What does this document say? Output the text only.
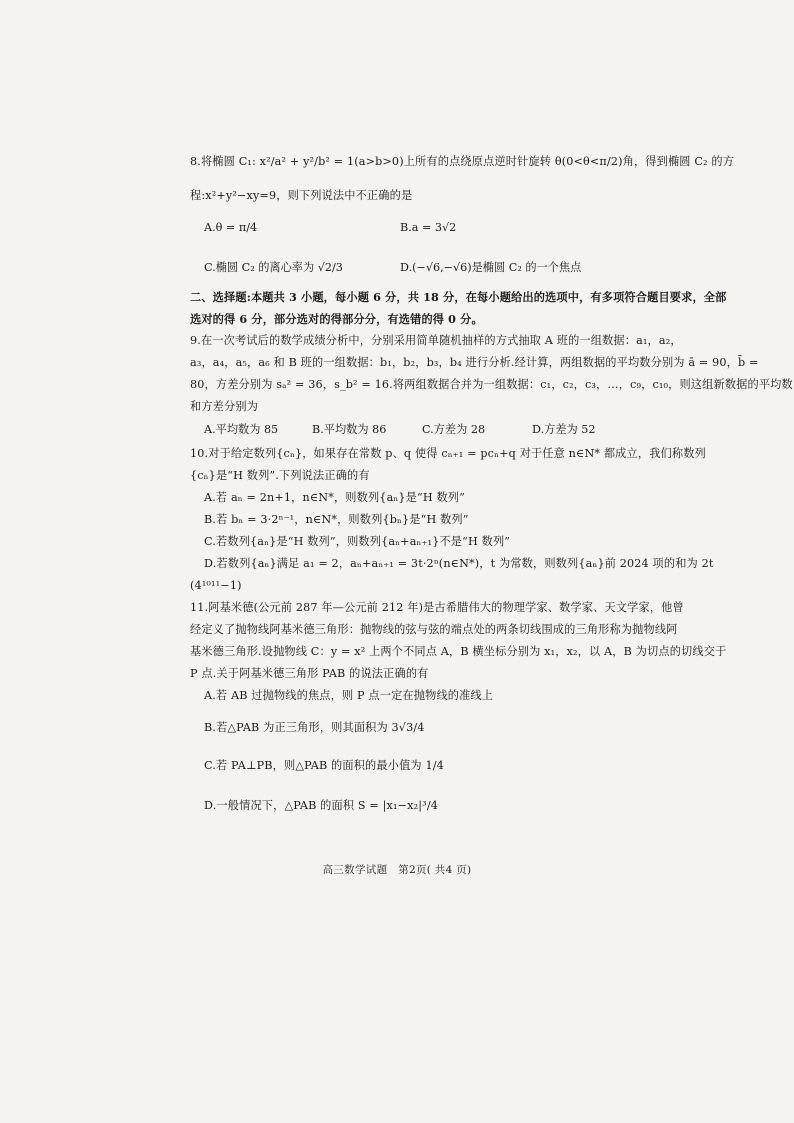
8.将椭圆 C₁: x²/a² + y²/b² = 1(a>b>0)上所有的点绕原点逆时针旋转 θ(0<θ<π/2)角，得到椭圆 C₂ 的方
程:x²+y²−xy=9，则下列说法中不正确的是
A.θ = π/4	B.a = 3√2
C.椭圆 C₂ 的离心率为 √2/3	D.(−√6,−√6)是椭圆 C₂ 的一个焦点
二、选择题:本题共 3 小题，每小题 6 分，共 18 分，在每小题给出的选项中，有多项符合题目要求，全部
选对的得 6 分，部分选对的得部分分，有选错的得 0 分。
9.在一次考试后的数学成绩分析中，分别采用简单随机抽样的方式抽取 A 班的一组数据：a₁，a₂，
a₃，a₄，a₅，a₆ 和 B 班的一组数据：b₁，b₂，b₃，b₄ 进行分析.经计算，两组数据的平均数分别为 ā = 90，b̄ =
80，方差分别为 sₐ² = 36，s_b² = 16.将两组数据合并为一组数据：c₁，c₂，c₃，…，c₉，c₁₀，则这组新数据的平均数
和方差分别为
A.平均数为 85	B.平均数为 86	C.方差为 28	D.方差为 52
10.对于给定数列{cₙ}，如果存在常数 p、q 使得 cₙ₊₁ = pcₙ+q 对于任意 n∈N* 都成立，我们称数列
{cₙ}是“H 数列”.下列说法正确的有
A.若 aₙ = 2n+1，n∈N*，则数列{aₙ}是“H 数列”
B.若 bₙ = 3·2ⁿ⁻¹，n∈N*，则数列{bₙ}是“H 数列”
C.若数列{aₙ}是“H 数列”，则数列{aₙ+aₙ₊₁}不是“H 数列”
D.若数列{aₙ}满足 a₁ = 2，aₙ+aₙ₊₁ = 3t·2ⁿ(n∈N*)，t 为常数，则数列{aₙ}前 2024 项的和为 2t
(4¹⁰¹¹−1)
11.阿基米德(公元前 287 年—公元前 212 年)是古希腊伟大的物理学家、数学家、天文学家，他曾
经定义了抛物线阿基米德三角形：抛物线的弦与弦的端点处的两条切线围成的三角形称为抛物线阿
基米德三角形.设抛物线 C：y = x² 上两个不同点 A，B 横坐标分别为 x₁，x₂，以 A，B 为切点的切线交于
P 点.关于阿基米德三角形 PAB 的说法正确的有
A.若 AB 过抛物线的焦点，则 P 点一定在抛物线的准线上
B.若△PAB 为正三角形，则其面积为 3√3/4
C.若 PA⊥PB，则△PAB 的面积的最小值为 1/4
D.一般情况下，△PAB 的面积 S = |x₁−x₂|³/4
高三数学试题　第2页( 共4 页)
